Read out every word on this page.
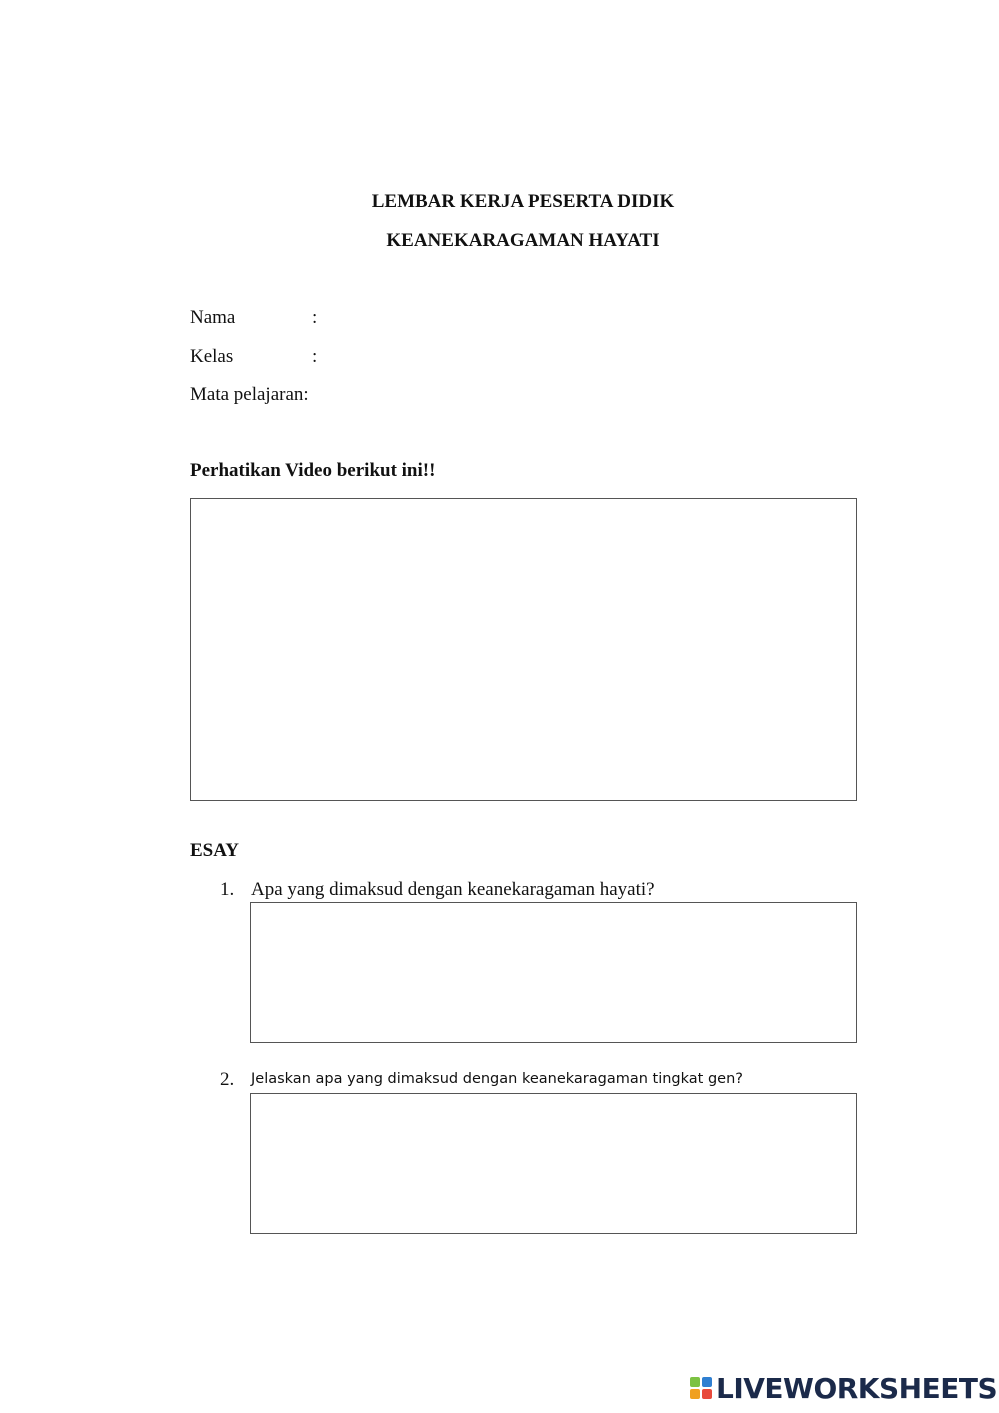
LEMBAR KERJA PESERTA DIDIK
KEANEKARAGAMAN HAYATI
Nama	:
Kelas	:
Mata pelajaran:
Perhatikan Video berikut ini!!
ESAY
1. Apa yang dimaksud dengan keanekaragaman hayati?
2. Jelaskan apa yang dimaksud dengan keanekaragaman tingkat gen?
LIVEWORKSHEETS
